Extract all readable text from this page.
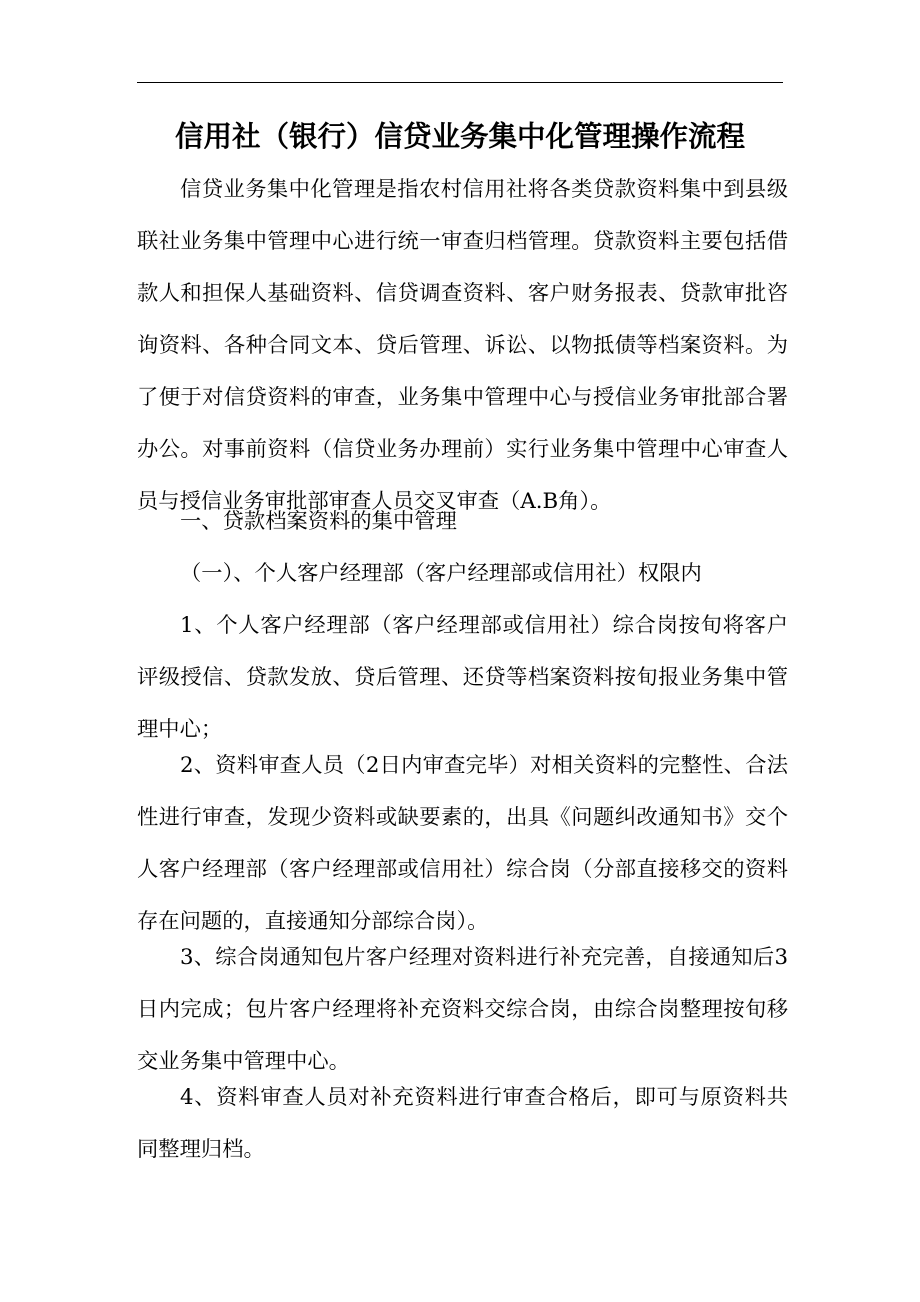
信用社（银行）信贷业务集中化管理操作流程

信贷业务集中化管理是指农村信用社将各类贷款资料集中到县级联社业务集中管理中心进行统一审查归档管理。贷款资料主要包括借款人和担保人基础资料、信贷调查资料、客户财务报表、贷款审批咨询资料、各种合同文本、贷后管理、诉讼、以物抵债等档案资料。为了便于对信贷资料的审查，业务集中管理中心与授信业务审批部合署办公。对事前资料（信贷业务办理前）实行业务集中管理中心审查人员与授信业务审批部审查人员交叉审查（A.B角）。

一、贷款档案资料的集中管理

（一）、个人客户经理部（客户经理部或信用社）权限内

1、个人客户经理部（客户经理部或信用社）综合岗按旬将客户评级授信、贷款发放、贷后管理、还贷等档案资料按旬报业务集中管理中心；

2、资料审查人员（2日内审查完毕）对相关资料的完整性、合法性进行审查，发现少资料或缺要素的，出具《问题纠改通知书》交个人客户经理部（客户经理部或信用社）综合岗（分部直接移交的资料存在问题的，直接通知分部综合岗）。

3、综合岗通知包片客户经理对资料进行补充完善，自接通知后3日内完成；包片客户经理将补充资料交综合岗，由综合岗整理按旬移交业务集中管理中心。

4、资料审查人员对补充资料进行审查合格后，即可与原资料共同整理归档。
